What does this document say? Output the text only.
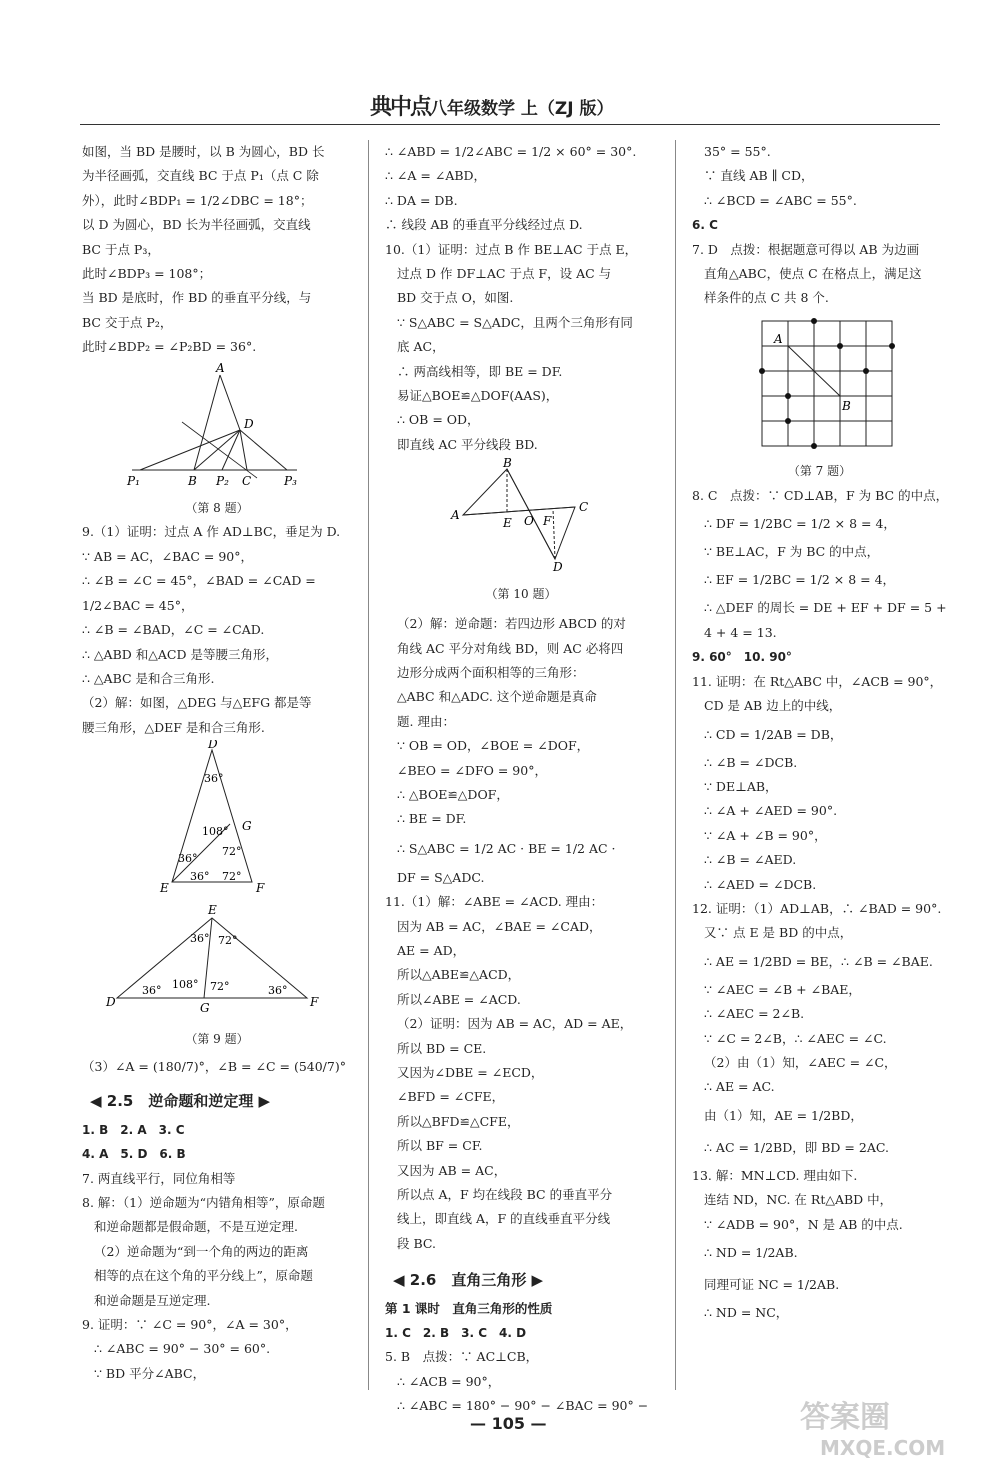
典中点 八年级数学 上（ZJ 版）
如图，当 BD 是腰时，以 B 为圆心，BD 长
为半径画弧，交直线 BC 于点 P₁（点 C 除
外），此时∠BDP₁ = 1/2∠DBC = 18°；
以 D 为圆心，BD 长为半径画弧，交直线
BC 于点 P₃，
此时∠BDP₃ = 108°；
当 BD 是底时，作 BD 的垂直平分线，与
BC 交于点 P₂，
此时∠BDP₂ = ∠P₂BD = 36°.
A
D
P₁	B P₂ C	P₃
（第 8 题）
9.（1）证明：过点 A 作 AD⊥BC，垂足为 D.
∵ AB = AC，∠BAC = 90°，
∴ ∠B = ∠C = 45°，∠BAD = ∠CAD =
1/2∠BAC = 45°，
∴ ∠B = ∠BAD，∠C = ∠CAD.
∴ △ABD 和△ACD 是等腰三角形，
∴ △ABC 是和合三角形.
（2）解：如图，△DEG 与△EFG 都是等
腰三角形，△DEF 是和合三角形.
36°
108°
72°
36°
36° 72°
D
G
E	F
36° 72°
36° 108° 72°	36°
E
D	G	F
（第 9 题）
（3）∠A = (180/7)°，∠B = ∠C = (540/7)°
◀ 2.5　逆命题和逆定理 ▶
1. B　2. A　3. C
4. A　5. D　6. B
7. 两直线平行，同位角相等
8. 解：（1）逆命题为“内错角相等”，原命题
和逆命题都是假命题，不是互逆定理.
（2）逆命题为“到一个角的两边的距离
相等的点在这个角的平分线上”，原命题
和逆命题是互逆定理.
9. 证明：∵ ∠C = 90°，∠A = 30°，
∴ ∠ABC = 90° − 30° = 60°.
∵ BD 平分∠ABC，
∴ ∠ABD = 1/2∠ABC = 1/2 × 60° = 30°.
∴ ∠A = ∠ABD，
∴ DA = DB.
∴ 线段 AB 的垂直平分线经过点 D.
10.（1）证明：过点 B 作 BE⊥AC 于点 E，
过点 D 作 DF⊥AC 于点 F，设 AC 与
BD 交于点 O，如图.
∵ S△ABC = S△ADC，且两个三角形有同
底 AC，
∴ 两高线相等，即 BE = DF.
易证△BOE≌△DOF(AAS)，
∴ OB = OD，
即直线 AC 平分线段 BD.
B
A
E O F
C
D
（第 10 题）
（2）解：逆命题：若四边形 ABCD 的对
角线 AC 平分对角线 BD，则 AC 必将四
边形分成两个面积相等的三角形：
△ABC 和△ADC. 这个逆命题是真命
题. 理由：
∵ OB = OD，∠BOE = ∠DOF，
∠BEO = ∠DFO = 90°，
∴ △BOE≌△DOF，
∴ BE = DF.
∴ S△ABC = 1/2 AC · BE = 1/2 AC ·
DF = S△ADC.
11.（1）解：∠ABE = ∠ACD. 理由：
因为 AB = AC，∠BAE = ∠CAD，
AE = AD，
所以△ABE≌△ACD，
所以∠ABE = ∠ACD.
（2）证明：因为 AB = AC，AD = AE，
所以 BD = CE.
又因为∠DBE = ∠ECD，
∠BFD = ∠CFE，
所以△BFD≌△CFE，
所以 BF = CF.
又因为 AB = AC，
所以点 A，F 均在线段 BC 的垂直平分
线上，即直线 A，F 的直线垂直平分线
段 BC.
◀ 2.6　直角三角形 ▶
第 1 课时　直角三角形的性质
1. C　2. B　3. C　4. D
5. B　点拨：∵ AC⊥CB，
∴ ∠ACB = 90°，
∴ ∠ABC = 180° − 90° − ∠BAC = 90° −
35° = 55°.
∵ 直线 AB ∥ CD，
∴ ∠BCD = ∠ABC = 55°.
6. C
7. D　点拨：根据题意可得以 AB 为边画
直角△ABC，使点 C 在格点上，满足这
样条件的点 C 共 8 个.
A
B
（第 7 题）
8. C　点拨：∵ CD⊥AB，F 为 BC 的中点，
∴ DF = 1/2BC = 1/2 × 8 = 4，
∵ BE⊥AC，F 为 BC 的中点，
∴ EF = 1/2BC = 1/2 × 8 = 4，
∴ △DEF 的周长 = DE + EF + DF = 5 +
4 + 4 = 13.
9. 60°　10. 90°
11. 证明：在 Rt△ABC 中，∠ACB = 90°，
CD 是 AB 边上的中线，
∴ CD = 1/2AB = DB，
∴ ∠B = ∠DCB.
∵ DE⊥AB，
∴ ∠A + ∠AED = 90°.
∵ ∠A + ∠B = 90°，
∴ ∠B = ∠AED.
∴ ∠AED = ∠DCB.
12. 证明：（1）AD⊥AB，∴ ∠BAD = 90°.
又∵ 点 E 是 BD 的中点，
∴ AE = 1/2BD = BE，∴ ∠B = ∠BAE.
∵ ∠AEC = ∠B + ∠BAE，
∴ ∠AEC = 2∠B.
∵ ∠C = 2∠B，∴ ∠AEC = ∠C.
（2）由（1）知，∠AEC = ∠C，
∴ AE = AC.
由（1）知，AE = 1/2BD，
∴ AC = 1/2BD，即 BD = 2AC.
13. 解：MN⊥CD. 理由如下.
连结 ND，NC. 在 Rt△ABD 中，
∵ ∠ADB = 90°，N 是 AB 的中点.
∴ ND = 1/2AB.
同理可证 NC = 1/2AB.
∴ ND = NC，
— 105 —	答案圈
MXQE.COM
